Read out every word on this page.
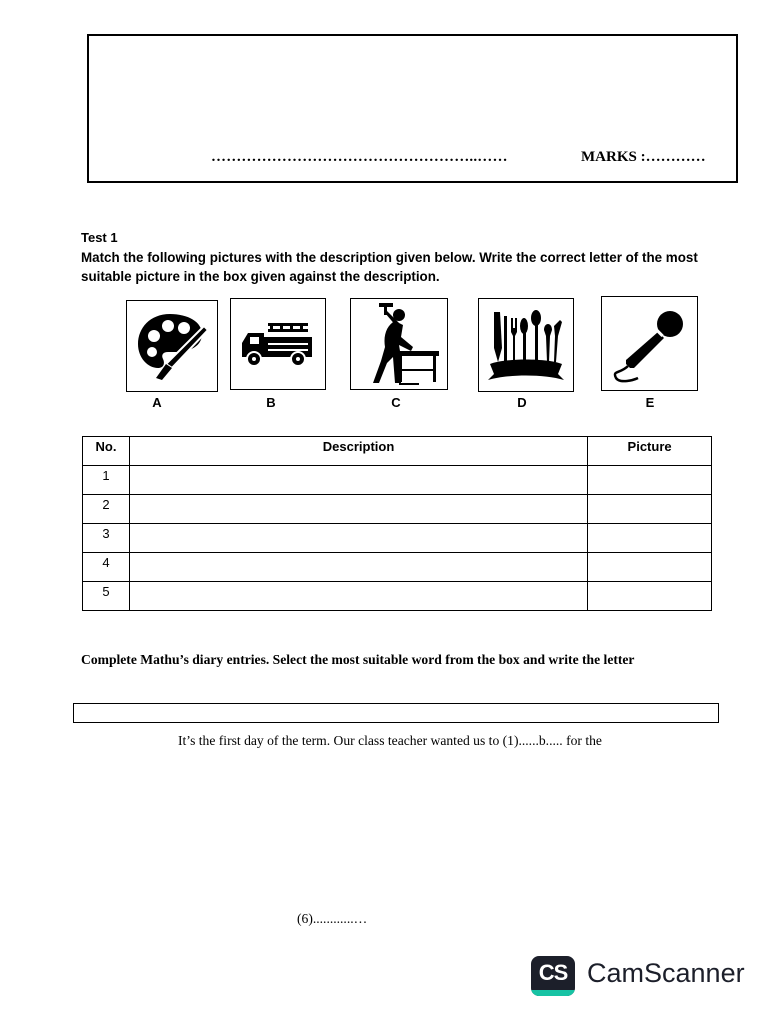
……………………………………………..……	MARKS :…………
Test 1
Match the following pictures with the description given below. Write the correct letter of the most suitable picture in the box given against the description.
A	B	C	D	E
No.	Description	Picture
1		
2		
3		
4		
5		
Complete Mathu’s diary entries. Select the most suitable word from the box and write the letter
It’s the first day of the term. Our class teacher wanted us to (1)......b..... for the
(6)............…
CS CamScanner
